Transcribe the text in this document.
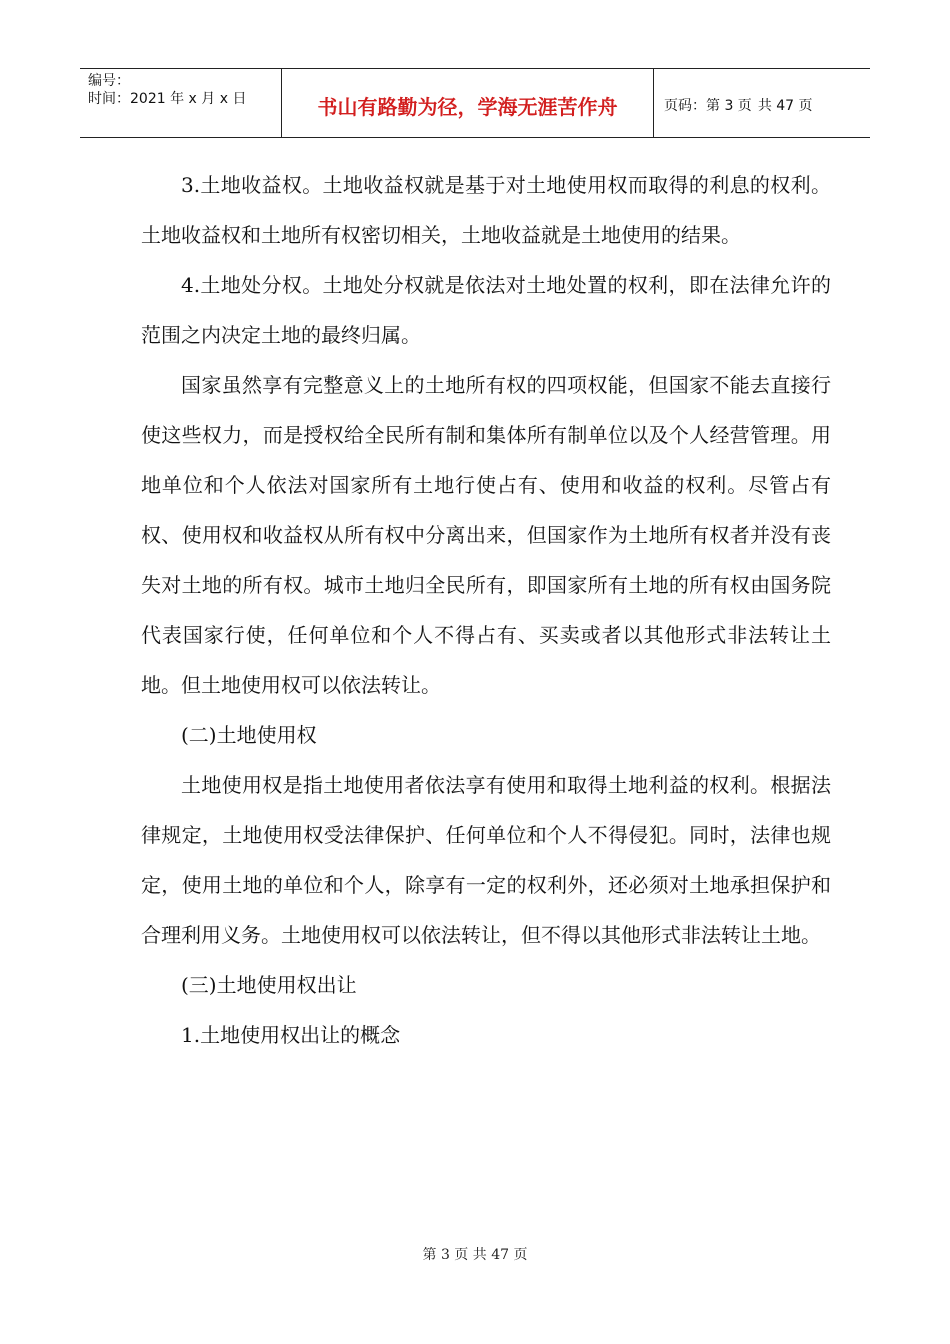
编号：
时间：2021 年 x 月 x 日	书山有路勤为径，学海无涯苦作舟	页码：第 3 页 共 47 页

3.土地收益权。土地收益权就是基于对土地使用权而取得的利息的权利。土地收益权和土地所有权密切相关，土地收益就是土地使用的结果。

4.土地处分权。土地处分权就是依法对土地处置的权利，即在法律允许的范围之内决定土地的最终归属。

国家虽然享有完整意义上的土地所有权的四项权能，但国家不能去直接行使这些权力，而是授权给全民所有制和集体所有制单位以及个人经营管理。用地单位和个人依法对国家所有土地行使占有、使用和收益的权利。尽管占有权、使用权和收益权从所有权中分离出来，但国家作为土地所有权者并没有丧失对土地的所有权。城市土地归全民所有，即国家所有土地的所有权由国务院代表国家行使，任何单位和个人不得占有、买卖或者以其他形式非法转让土地。但土地使用权可以依法转让。

(二)土地使用权

土地使用权是指土地使用者依法享有使用和取得土地利益的权利。根据法律规定，土地使用权受法律保护、任何单位和个人不得侵犯。同时，法律也规定，使用土地的单位和个人，除享有一定的权利外，还必须对土地承担保护和合理利用义务。土地使用权可以依法转让，但不得以其他形式非法转让土地。

(三)土地使用权出让

1.土地使用权出让的概念

第 3 页 共 47 页
